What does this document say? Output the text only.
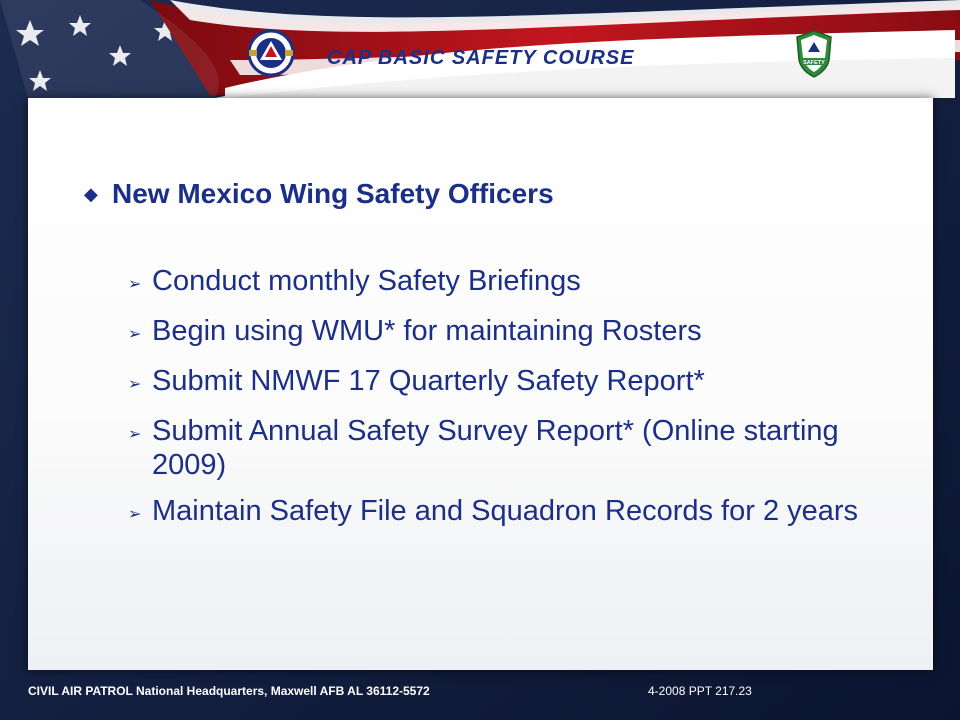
SAFETY
CAP BASIC SAFETY COURSE
◆ New Mexico Wing Safety Officers
➢ Conduct monthly Safety Briefings
➢ Begin using WMU* for maintaining Rosters
➢ Submit NMWF 17 Quarterly Safety Report*
➢ Submit Annual Safety Survey Report* (Online starting 2009)
➢ Maintain Safety File and Squadron Records for 2 years
CIVIL AIR PATROL National Headquarters, Maxwell AFB AL 36112-5572	4-2008 PPT 217.23
